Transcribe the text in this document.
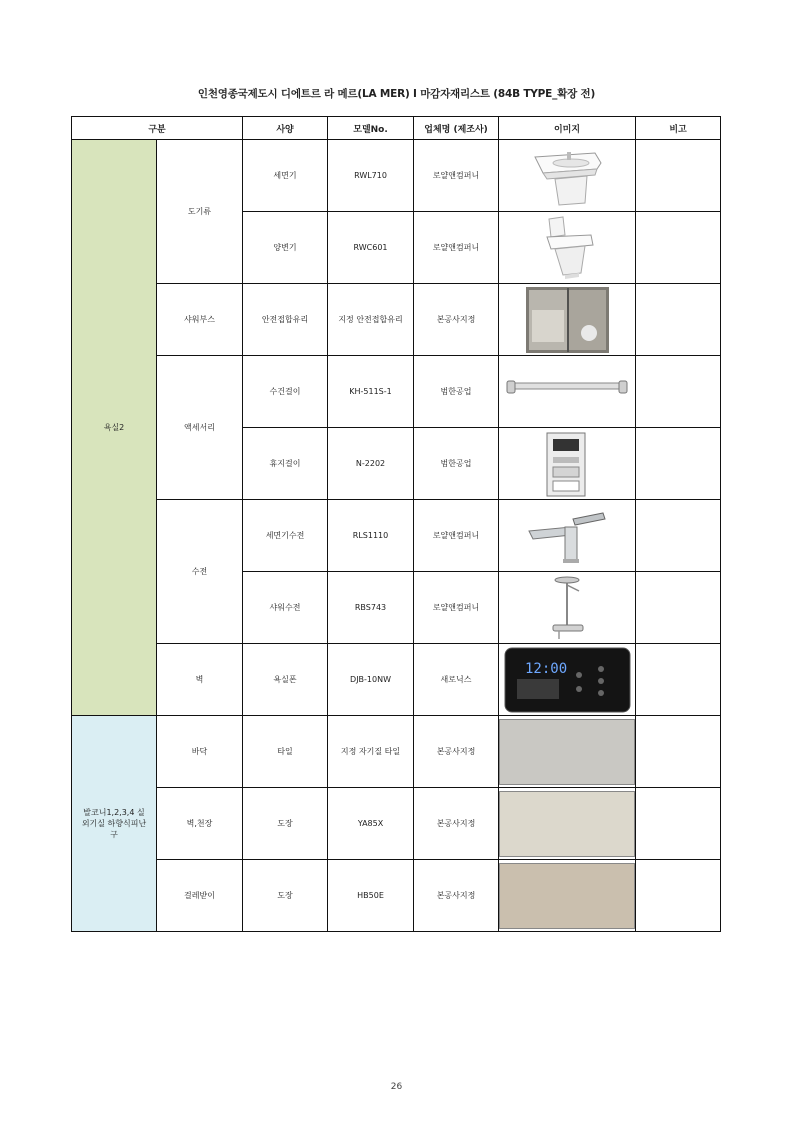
인천영종국제도시 디에트르 라 메르(LA MER) I 마감자재리스트 (84B TYPE_확장 전)
구분		사양	모델No.	업체명 (제조사)	이미지	비고
욕실2	도기류	세면기	RWL710	로얄앤컴퍼니	

		양변기	RWC601	로얄앤컴퍼니	

	샤워부스	안전접합유리	지정 안전접합유리	본공사지정	

	액세서리	수건걸이	KH-511S-1	범한공업	

		휴지걸이	N-2202	범한공업	

	수전	세면기수전	RLS1110	로얄앤컴퍼니	

		샤워수전	RBS743	로얄앤컴퍼니	

	벽	욕실폰	DJB-10NW	새로닉스	12:00	

발코니1,2,3,4 실외기실 하향식피난구	바닥	타일	지정 자기질 타일	본공사지정	

	벽,천장	도장	YA85X	본공사지정	

	걸레받이	도장	HB50E	본공사지정	

26
